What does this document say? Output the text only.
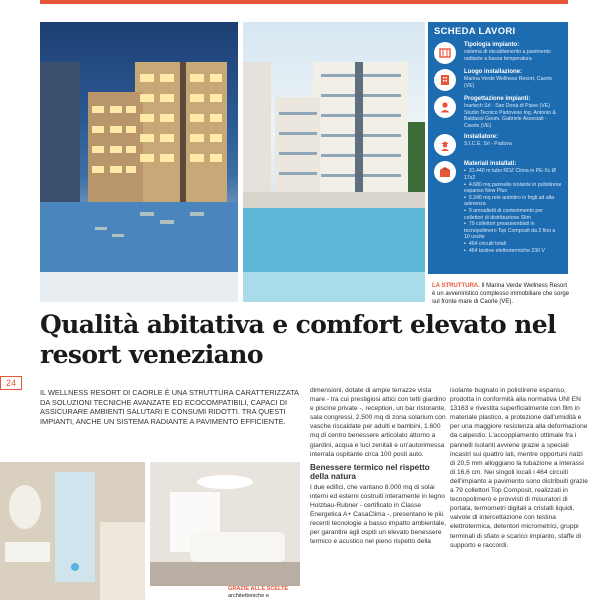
SCHEDA LAVORI
Tipologia impianto:
sistema di riscaldamento a pavimento radiante a bassa temperatura
Luogo installazione:
Marina Verde Wellness Resort, Caorle (VE)
Progettazione impianti:
Inartech Srl - San Donà di Piave (VE) Studio Tecnico Padovese Ing. Antonio & Baldassi Geom. Gabriele Associati - Caorle (VE)
Installatore:
S.I.C.E. Srl - Padova
Materiali installati:
• 31.440 m tubo RDZ Clima in PE-Xc Ø 17x2
• 4.680 mq pannello isolante in polistirene espanso New Plus
• 5.240 mq rete antiritiro in fogli ad alta aderenza
• 9 armadietti di contenimento per collettori di distribuzione Slim
• 79 collettori preassemblati in tecnopolimero Top Composit da 3 fino a 10 uscite
• 464 circuiti totali
• 464 testine elettrotermiche 230 V
LA STRUTTURA. Il Marina Verde Wellness Resort è un avveniristico complesso immobiliare che sorge sul fronte mare di Caorle (VE).
Qualità abitativa e comfort elevato nel resort veneziano
24

IL WELLNESS RESORT DI CAORLE È UNA STRUTTURA CARATTERIZZATA DA SOLUZIONI TECNICHE AVANZATE ED ECOCOMPATIBILI, CAPACI DI ASSICURARE AMBIENTI SALUTARI E CONSUMI RIDOTTI. TRA QUESTI IMPIANTI, ANCHE UN SISTEMA RADIANTE A PAVIMENTO EFFICIENTE.

dimensioni, dotate di ampie terrazze vista mare - tra cui prestigiosi attici con tetti giardino e piscine private -, reception, un bar ristorante, sala congressi, 2.500 mq di zona solarium con vasche riscaldate per adulti e bambini, 1.600 mq di centro benessere articolato attorno a giardini, acqua e luci zenitali e un'autorimessa interrata ospitante circa 100 posti auto.

Benessere termico nel rispetto della natura

I due edifici, che vantano 8.000 mq di solai interni ed esterni costruiti interamente in legno Holzbau-Rubner - certificato in Classe Energetica A+ CasaClima -, presentano le più recenti tecnologie a basso impatto ambientale, per garantire agli ospiti un elevato benessere termico e acustico nel pieno rispetto della

isolante bugnato in polistirene espanso, prodotta in conformità alla normativa UNI EN 13163 e rivestita superficialmente con film in materiale plastico, a protezione dall'umidità e per una maggiore resistenza alla deformazione da calpestio. L'accoppiamento ottimale fra i pannelli isolanti avviene grazie a speciali incastri sui quattro lati, mentre opportuni rialzi di 20,5 mm alloggiano la tubazione a interassi di 16,6 cm. Nei singoli locali i 464 circuiti dell'impianto a pavimento sono distribuiti grazie a 79 collettori Top Composit, realizzati in tecnopolimero e provvisti di misuratori di portata, termometri digitali a cristalli liquidi, valvole di intercettazione con testina elettrotermica, detentori micrometrici, gruppi terminali di sfiato e scarico impianto, staffe di supporto e raccordi.

GRAZIE ALLE SCELTE
architettoniche e
